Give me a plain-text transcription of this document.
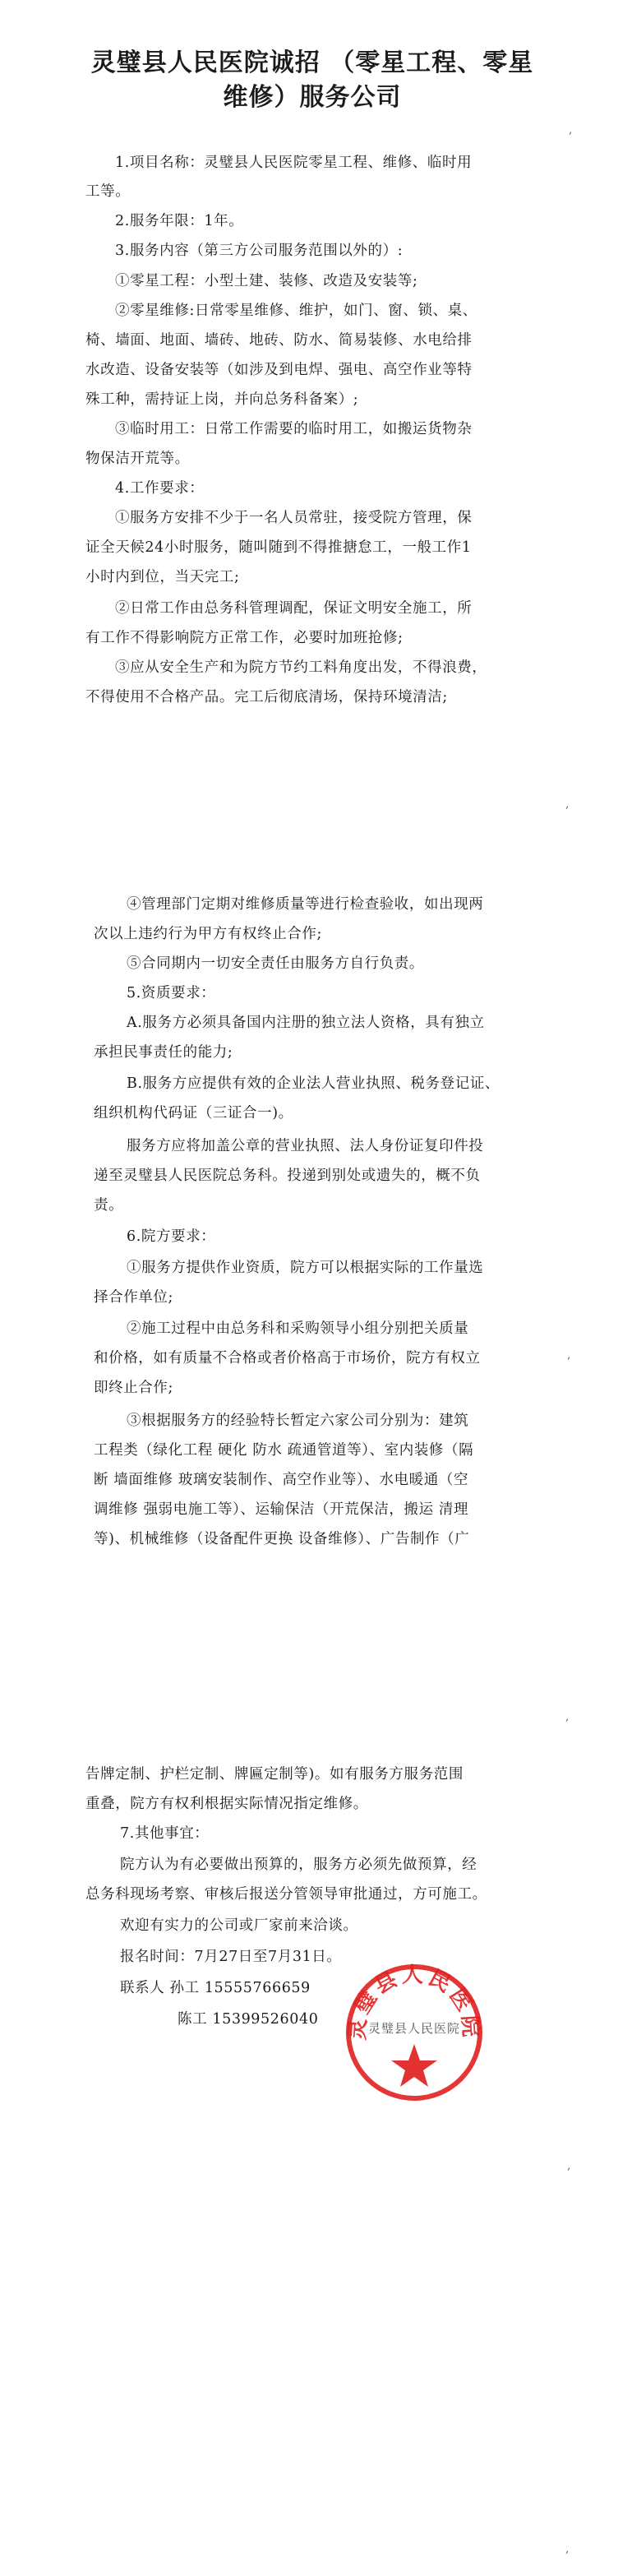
灵璧县人民医院诚招 （零星工程、零星
维修）服务公司
1.项目名称：灵璧县人民医院零星工程、维修、临时用
工等。
2.服务年限：1年。
3.服务内容（第三方公司服务范围以外的）:
①零星工程：小型土建、装修、改造及安装等;
②零星维修:日常零星维修、维护，如门、窗、锁、桌、
椅、墙面、地面、墙砖、地砖、防水、简易装修、水电给排
水改造、设备安装等（如涉及到电焊、强电、高空作业等特
殊工种，需持证上岗，并向总务科备案）;
③临时用工：日常工作需要的临时用工，如搬运货物杂
物保洁开荒等。
4.工作要求：
①服务方安排不少于一名人员常驻，接受院方管理，保
证全天候24小时服务，随叫随到不得推搪怠工，一般工作1
小时内到位，当天完工;
②日常工作由总务科管理调配，保证文明安全施工，所
有工作不得影响院方正常工作，必要时加班抢修;
③应从安全生产和为院方节约工料角度出发，不得浪费，
不得使用不合格产品。完工后彻底清场，保持环境清洁;
④管理部门定期对维修质量等进行检查验收，如出现两
次以上违约行为甲方有权终止合作;
⑤合同期内一切安全责任由服务方自行负责。
5.资质要求：
A.服务方必须具备国内注册的独立法人资格，具有独立
承担民事责任的能力;
B.服务方应提供有效的企业法人营业执照、税务登记证、
组织机构代码证（三证合一)。
服务方应将加盖公章的营业执照、法人身份证复印件投
递至灵璧县人民医院总务科。投递到别处或遗失的，概不负
责。
6.院方要求：
①服务方提供作业资质，院方可以根据实际的工作量选
择合作单位;
②施工过程中由总务科和采购领导小组分别把关质量
和价格，如有质量不合格或者价格高于市场价，院方有权立
即终止合作;
③根据服务方的经验特长暂定六家公司分别为：建筑
工程类（绿化工程 硬化 防水 疏通管道等）、室内装修（隔
断 墙面维修 玻璃安装制作、高空作业等）、水电暖通（空
调维修 强弱电施工等）、运输保洁（开荒保洁，搬运 清理
等)、机械维修（设备配件更换 设备维修）、广告制作（广
告牌定制、护栏定制、牌匾定制等)。如有服务方服务范围
重叠，院方有权利根据实际情况指定维修。
7.其他事宜：
院方认为有必要做出预算的，服务方必须先做预算，经
总务科现场考察、审核后报送分管领导审批通过，方可施工。
欢迎有实力的公司或厂家前来洽谈。
报名时间：7月27日至7月31日。
联系人 孙工 15555766659
陈工 15399526040 灵璧县人民医院
灵璧县人民医院
,
,
,
,
,
,
